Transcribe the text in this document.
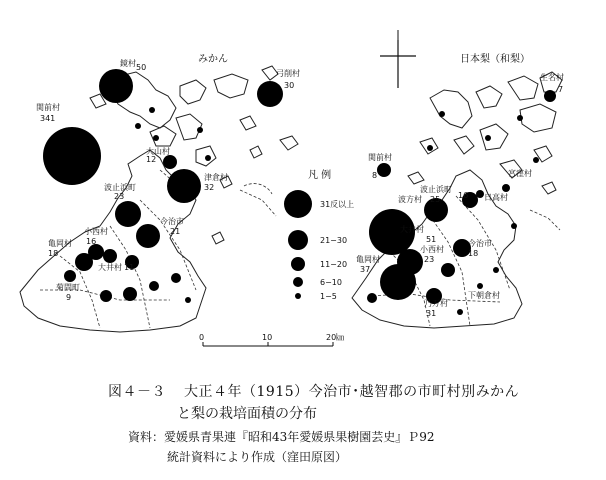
0	10	20㎞
みかん	日本梨（和梨）
凡 例
31反以上
21−30
11−20
6−10
1−5
鏡村 50
弓削村
30
関前村
341
大山村
12
津倉村
32
波止浜町
23
今治市
21
亀岡村
18
小西村
16
大井村 11
菊間町
9
生名村
7
関前村
8	宮窪村
波止浜町
16
波方村 25	日高村
大井村
51	今治市
18
小西村
23
亀岡村
37
乃万村
31
下朝倉村
図４－３ 大正４年（1915）今治市･越智郡の市町村別みかん
と梨の栽培面積の分布
資料：愛媛県青果連『昭和43年愛媛県果樹園芸史』Ｐ92
統計資料により作成（窪田原図）
